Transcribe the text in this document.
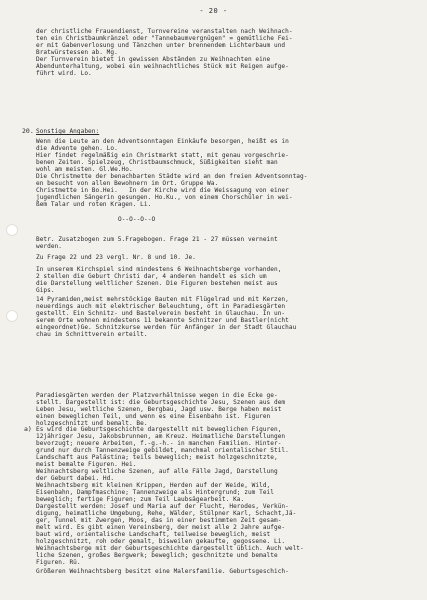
- 20 -
20.
a)
der christliche Frauendienst, Turnvereine veranstalten nach Weihnach-
ten ein Christbaumkränzel oder "Tannebaumvergnügen" = gemütliche Fei-
er mit Gabenverlosung und Tänzchen unter brennendem Lichterbaum und
Bratwürstessen ab. Mg.
Der Turnverein bietet in gewissen Abständen zu Weihnachten eine
Abendunterhaltung, wobei ein weihnachtliches Stück mit Reigen aufge-
führt wird. Lo.
Sonstige Angaben:
Wenn die Leute an den Adventsonntagen Einkäufe besorgen, heißt es in
die Advente gehen. Lo.
Hier findet regelmäßig ein Christmarkt statt, mit genau vorgeschrie-
benen Zeiten. Spielzeug, Christbaumschmuck, Süßigkeiten sieht man
wohl am meisten. Gl.We.Ho.
Die Christmette der benachbarten Städte wird an den freien Adventsonntag-
en besucht von allen Bewohnern im Ort. Gruppe Wa.
Christmette in Bo.Hei.   In der Kirche wird die Weissagung von einer
jugendlichen Sängerin gesungen. Ho.Ku., von einem Chorschüler in wei-
ßem Talar und roten Kragen. Li.
O--O--O--O
Betr. Zusatzbogen zum 5.Fragebogen. Frage 21 - 27 müssen verneint
werden.
Zu Frage 22 und 23 vergl. Nr. 8 und 10. Je.
In unserem Kirchspiel sind mindestens 6 Weihnachtsberge vorhanden,
2 stellen die Geburt Christi dar, 4 anderen handelt es sich um
die Darstellung weltlicher Szenen. Die Figuren bestehen meist aus
Gips.
14 Pyramiden,meist mehrstöckige Bauten mit Flügelrad und mit Kerzen,
neuerdings auch mit elektrischer Beleuchtung, oft in Paradiesgärten
gestellt. Ein Schnitz- und Bastelverein besteht in Glauchau. In un-
serem Orte wohnen mindestens 11 bekannte Schnitzer und Bastler(nicht
eingeordnet)Ge. Schnitzkurse werden für Anfänger in der Stadt Glauchau
chau im Schnittverein erteilt.
Paradiesgärten werden der Platzverhältnisse wegen in die Ecke ge-
stellt. Dargestellt ist: die Geburtsgeschichte Jesu, Szenen aus dem
Leben Jesu, weltliche Szenen, Bergbau, Jagd usw. Berge haben meist
einen beweglichen Teil, und wenn es eine Eisenbahn ist. Figuren
holzgeschnitzt und bemalt. Be.
Es wird die Geburtsgeschichte dargestellt mit beweglichen Figuren,
12jähriger Jesu, Jakobsbrunnen, am Kreuz. Heimatliche Darstellungen
bevorzugt; neuere Arbeiten, f.-g.-h.- in manchen Familien. Hinter-
grund nur durch Tannenzweige gebildet, manchmal orientalischer Stil.
Landschaft aus Palästina; teils beweglich; meist holzgeschnitzte,
meist bemalte Figuren. Hei.
Weihnachtsberg weltliche Szenen, auf alle Fälle Jagd, Darstellung
der Geburt dabei. Hd.
Weihnachtsberg mit kleinen Krippen, Herden auf der Weide, Wild,
Eisenbahn, Dampfmaschine; Tannenzweige als Hintergrund; zum Teil
beweglich; fertige Figuren; zum Teil Laubsägearbeit. Ka.
Dargestellt werden: Josef und Maria auf der Flucht, Herodes, Verkün-
digung, heimatliche Umgebung, Rehe, Wälder, Stülpner Karl, Schacht,Jä-
ger, Tunnel mit Zwergen, Moos, das in einer bestimmten Zeit gesam-
melt wird. Es gibt einen Vereinsberg, der meist alle 2 Jahre aufge-
baut wird, orientalische Landschaft, teilweise beweglich, meist
holzgeschnitzt, roh oder gemalt, bisweilen gekaufte, gegossene. Li.
Weihnachtsberge mit der Geburtsgeschichte dargestellt üblich. Auch welt-
liche Szenen, großes Bergwerk; beweglich; geschnitzte und bemalte
Figuren. Rü.
Größeren Weihnachtsberg besitzt eine Malersfamilie. Geburtsgeschich-
